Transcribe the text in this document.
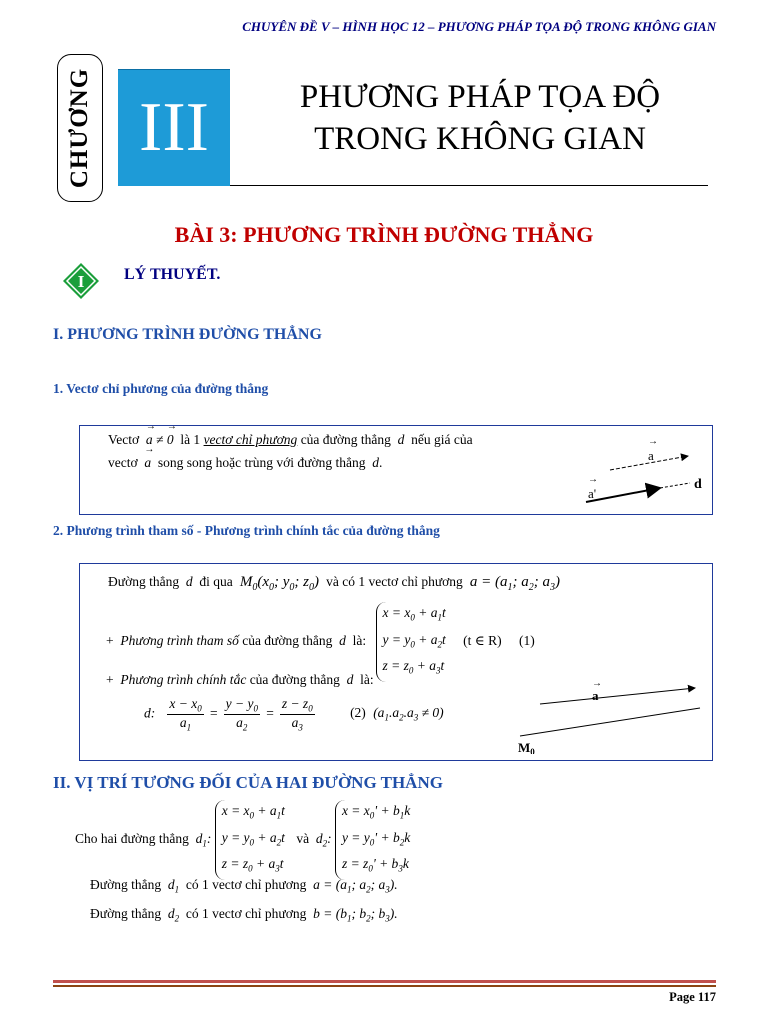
CHUYÊN ĐỀ V – HÌNH HỌC 12 – PHƯƠNG PHÁP TỌA ĐỘ TRONG KHÔNG GIAN
CHƯƠNG III	PHƯƠNG PHÁP TỌA ĐỘ
TRONG KHÔNG GIAN
BÀI 3: PHƯƠNG TRÌNH ĐƯỜNG THẲNG
I LÝ THUYẾT.
I. PHƯƠNG TRÌNH ĐƯỜNG THẲNG
1. Vectơ chỉ phương của đường thẳng
Vectơ a
→
≠ 0
→
là 1 vectơ chỉ phương của đường thẳng  d  nếu giá của
vectơ a
→
song song hoặc trùng với đường thẳng  d.	a
→
a'
→	d
2. Phương trình tham số - Phương trình chính tắc của đường thẳng
Đường thẳng  d  đi qua  $M_0(x_0$; $y_0$; $z_0$)  và có 1 vectơ chỉ phương  $a = (a_1$; $a_2$; $a_3$)
+ Phương trình tham số của đường thẳng  d  là: $x = x_0 + a_1t$
$y = y_0 + a_2t$
$z = z_0 + a_3t$ (t ∈ R) (1)
+ Phương trình chính tắc của đường thẳng  d  là:
d: $\frac{x - x_0}{a_1} = \frac{y - y_0}{a_2} = \frac{z - z_0}{a_3}$	(2) $(a_1.a_2.a_3 \ne 0)$
a
→
$M_0$
II. VỊ TRÍ TƯƠNG ĐỐI CỦA HAI ĐƯỜNG THẲNG
Cho hai đường thẳng  $d_1$: $x = x_0 + a_1t$
$y = y_0 + a_2t$
$z = z_0 + a_3t$ và  $d_2$: $x = x_0' + b_1k$
$y = y_0' + b_2k$
$z = z_0' + b_3k$
Đường thẳng  $d_1$ có 1 vectơ chỉ phương  $a = (a_1$; $a_2$; $a_3$).
Đường thẳng  $d_2$ có 1 vectơ chỉ phương  $b = (b_1$; $b_2$; $b_3$).
Page 117
